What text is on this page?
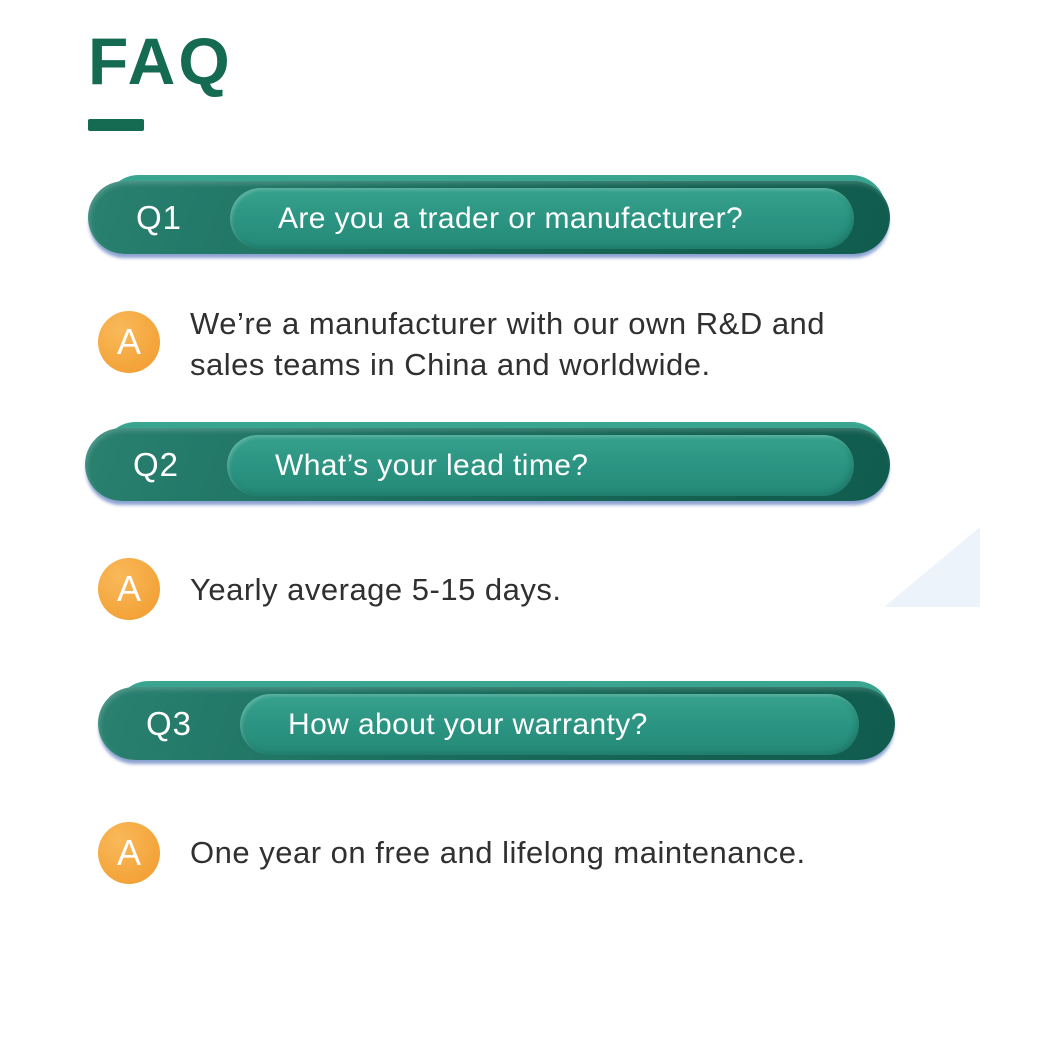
FAQ
Are you a trader or manufacturer?
Q1
A We’re a manufacturer with our own R&D and sales teams in China and worldwide.
What’s your lead time?
Q2
A Yearly average 5-15 days.
How about your warranty?
Q3
A One year on free and lifelong maintenance.
